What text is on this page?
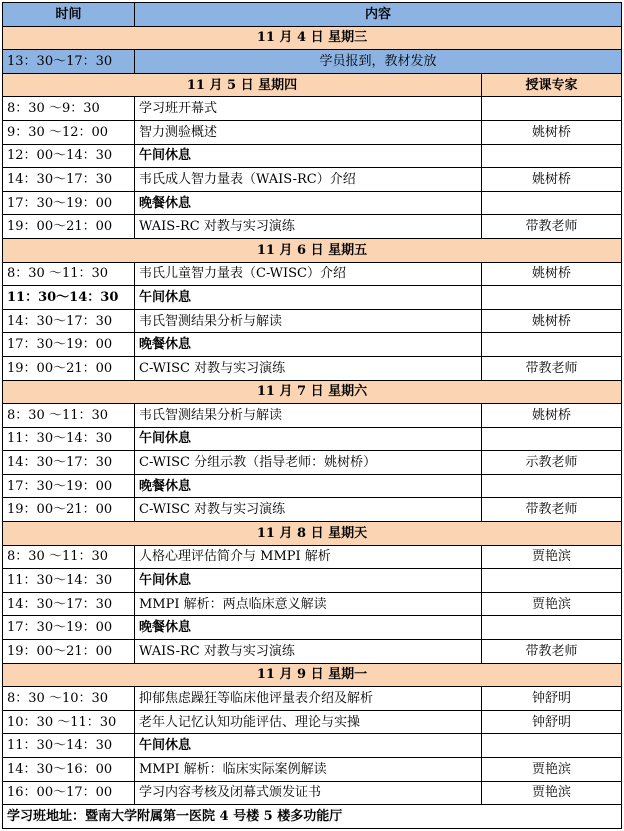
时间	内容	
11 月 4 日 星期三		
13：30～17：30	学员报到，教材发放	
11 月 5 日 星期四		授课专家
8：30 ～9：30	学习班开幕式	
9：30 ～12：00	智力测验概述	姚树桥
12：00～14：30	午间休息	
14：30～17：30	韦氏成人智力量表（WAIS-RC）介绍	姚树桥
17：30～19：00	晚餐休息	
19：00～21：00	WAIS-RC 对教与实习演练	带教老师
11 月 6 日 星期五		
8：30 ～11：30	韦氏儿童智力量表（C-WISC）介绍	姚树桥
11：30～14：30	午间休息	
14：30～17：30	韦氏智测结果分析与解读	姚树桥
17：30～19：00	晚餐休息	
19：00～21：00	C-WISC 对教与实习演练	带教老师
11 月 7 日 星期六		
8：30 ～11：30	韦氏智测结果分析与解读	姚树桥
11：30～14：30	午间休息	
14：30～17：30	C-WISC 分组示教（指导老师：姚树桥）	示教老师
17：30～19：00	晚餐休息	
19：00～21：00	C-WISC 对教与实习演练	带教老师
11 月 8 日 星期天		
8：30 ～11：30	人格心理评估简介与 MMPI 解析	贾艳滨
11：30～14：30	午间休息	
14：30～17：30	MMPI 解析：两点临床意义解读	贾艳滨
17：30～19：00	晚餐休息	
19：00～21：00	WAIS-RC 对教与实习演练	带教老师
11 月 9 日 星期一		
8：30 ～10：30	抑郁焦虑躁狂等临床他评量表介绍及解析	钟舒明
10：30 ～11：30	老年人记忆认知功能评估、理论与实操	钟舒明
11：30～14：30	午间休息	
14：30～16：00	MMPI 解析：临床实际案例解读	贾艳滨
16：00～17：00	学习内容考核及闭幕式颁发证书	贾艳滨
学习班地址：暨南大学附属第一医院 4 号楼 5 楼多功能厅		
